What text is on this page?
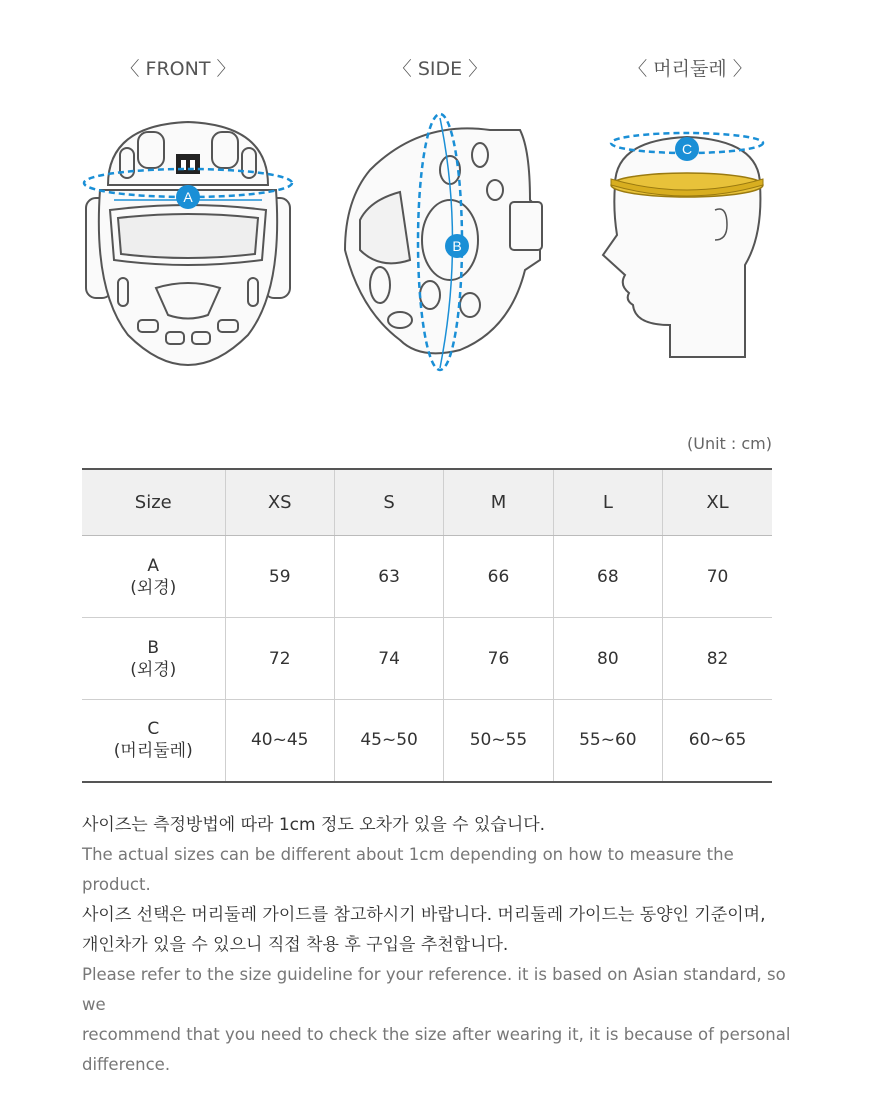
〈 FRONT 〉	〈 SIDE 〉	〈 머리둘레 〉
A
B
C
(Unit : cm)
Size	XS	S	M	L	XL

A
(외경)	59	63	66	68	70

B
(외경)	72	74	76	80	82

C
(머리둘레)	40~45	45~50	50~55	55~60	60~65
사이즈는 측정방법에 따라 1cm 정도 오차가 있을 수 있습니다.
The actual sizes can be different about 1cm depending on how to measure the product.
사이즈 선택은 머리둘레 가이드를 참고하시기 바랍니다. 머리둘레 가이드는 동양인 기준이며,
개인차가 있을 수 있으니 직접 착용 후 구입을 추천합니다.
Please refer to the size guideline for your reference. it is based on Asian standard, so we
recommend that you need to check the size after wearing it, it is because of personal
difference.
